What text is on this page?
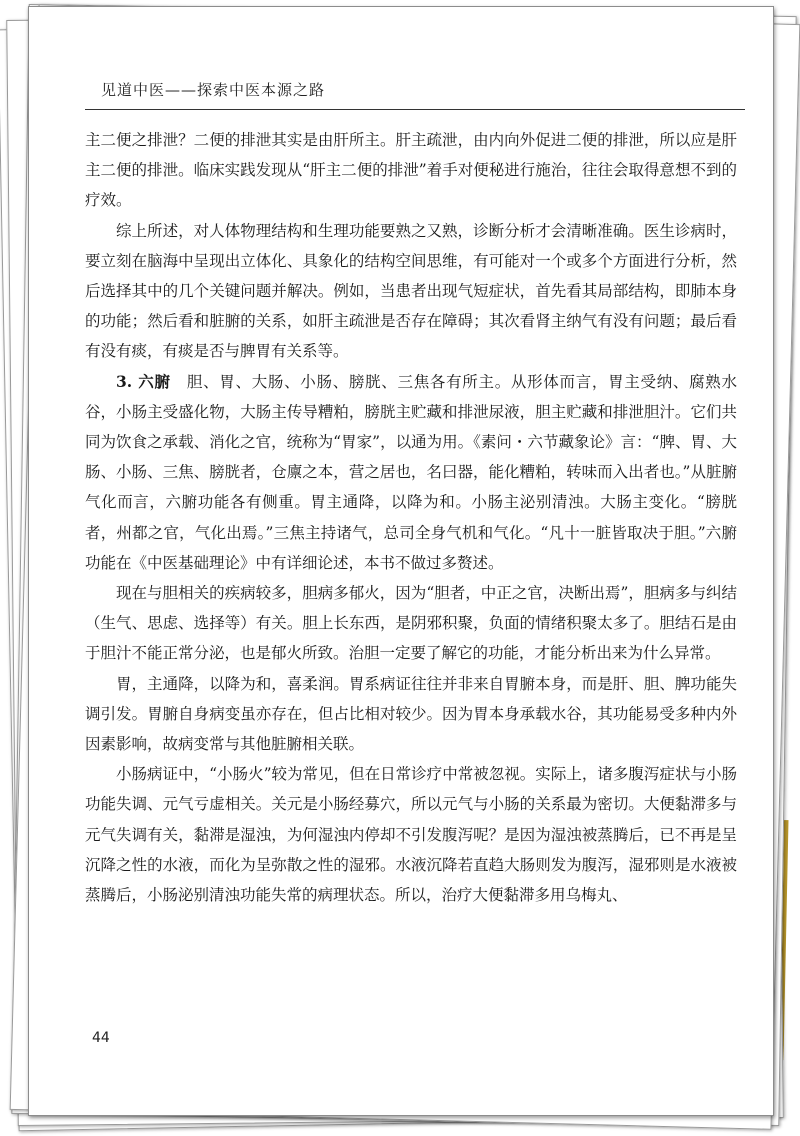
见道中医——探索中医本源之路

主二便之排泄？二便的排泄其实是由肝所主。肝主疏泄，由内向外促进二便的排泄，所以应是肝主二便的排泄。临床实践发现从“肝主二便的排泄”着手对便秘进行施治，往往会取得意想不到的疗效。

综上所述，对人体物理结构和生理功能要熟之又熟，诊断分析才会清晰准确。医生诊病时，要立刻在脑海中呈现出立体化、具象化的结构空间思维，有可能对一个或多个方面进行分析，然后选择其中的几个关键问题并解决。例如，当患者出现气短症状，首先看其局部结构，即肺本身的功能；然后看和脏腑的关系，如肝主疏泄是否存在障碍；其次看肾主纳气有没有问题；最后看有没有痰，有痰是否与脾胃有关系等。

3. 六腑　胆、胃、大肠、小肠、膀胱、三焦各有所主。从形体而言，胃主受纳、腐熟水谷，小肠主受盛化物，大肠主传导糟粕，膀胱主贮藏和排泄尿液，胆主贮藏和排泄胆汁。它们共同为饮食之承载、消化之官，统称为“胃家”，以通为用。《素问・六节藏象论》言：“脾、胃、大肠、小肠、三焦、膀胱者，仓廪之本，营之居也，名曰器，能化糟粕，转味而入出者也。”从脏腑气化而言，六腑功能各有侧重。胃主通降，以降为和。小肠主泌别清浊。大肠主变化。“膀胱者，州都之官，气化出焉。”三焦主持诸气，总司全身气机和气化。“凡十一脏皆取决于胆。”六腑功能在《中医基础理论》中有详细论述，本书不做过多赘述。

现在与胆相关的疾病较多，胆病多郁火，因为“胆者，中正之官，决断出焉”，胆病多与纠结（生气、思虑、选择等）有关。胆上长东西，是阴邪积聚，负面的情绪积聚太多了。胆结石是由于胆汁不能正常分泌，也是郁火所致。治胆一定要了解它的功能，才能分析出来为什么异常。

胃，主通降，以降为和，喜柔润。胃系病证往往并非来自胃腑本身，而是肝、胆、脾功能失调引发。胃腑自身病变虽亦存在，但占比相对较少。因为胃本身承载水谷，其功能易受多种内外因素影响，故病变常与其他脏腑相关联。

小肠病证中，“小肠火”较为常见，但在日常诊疗中常被忽视。实际上，诸多腹泻症状与小肠功能失调、元气亏虚相关。关元是小肠经募穴，所以元气与小肠的关系最为密切。大便黏滞多与元气失调有关，黏滞是湿浊，为何湿浊内停却不引发腹泻呢？是因为湿浊被蒸腾后，已不再是呈沉降之性的水液，而化为呈弥散之性的湿邪。水液沉降若直趋大肠则发为腹泻，湿邪则是水液被蒸腾后，小肠泌别清浊功能失常的病理状态。所以，治疗大便黏滞多用乌梅丸、

44
